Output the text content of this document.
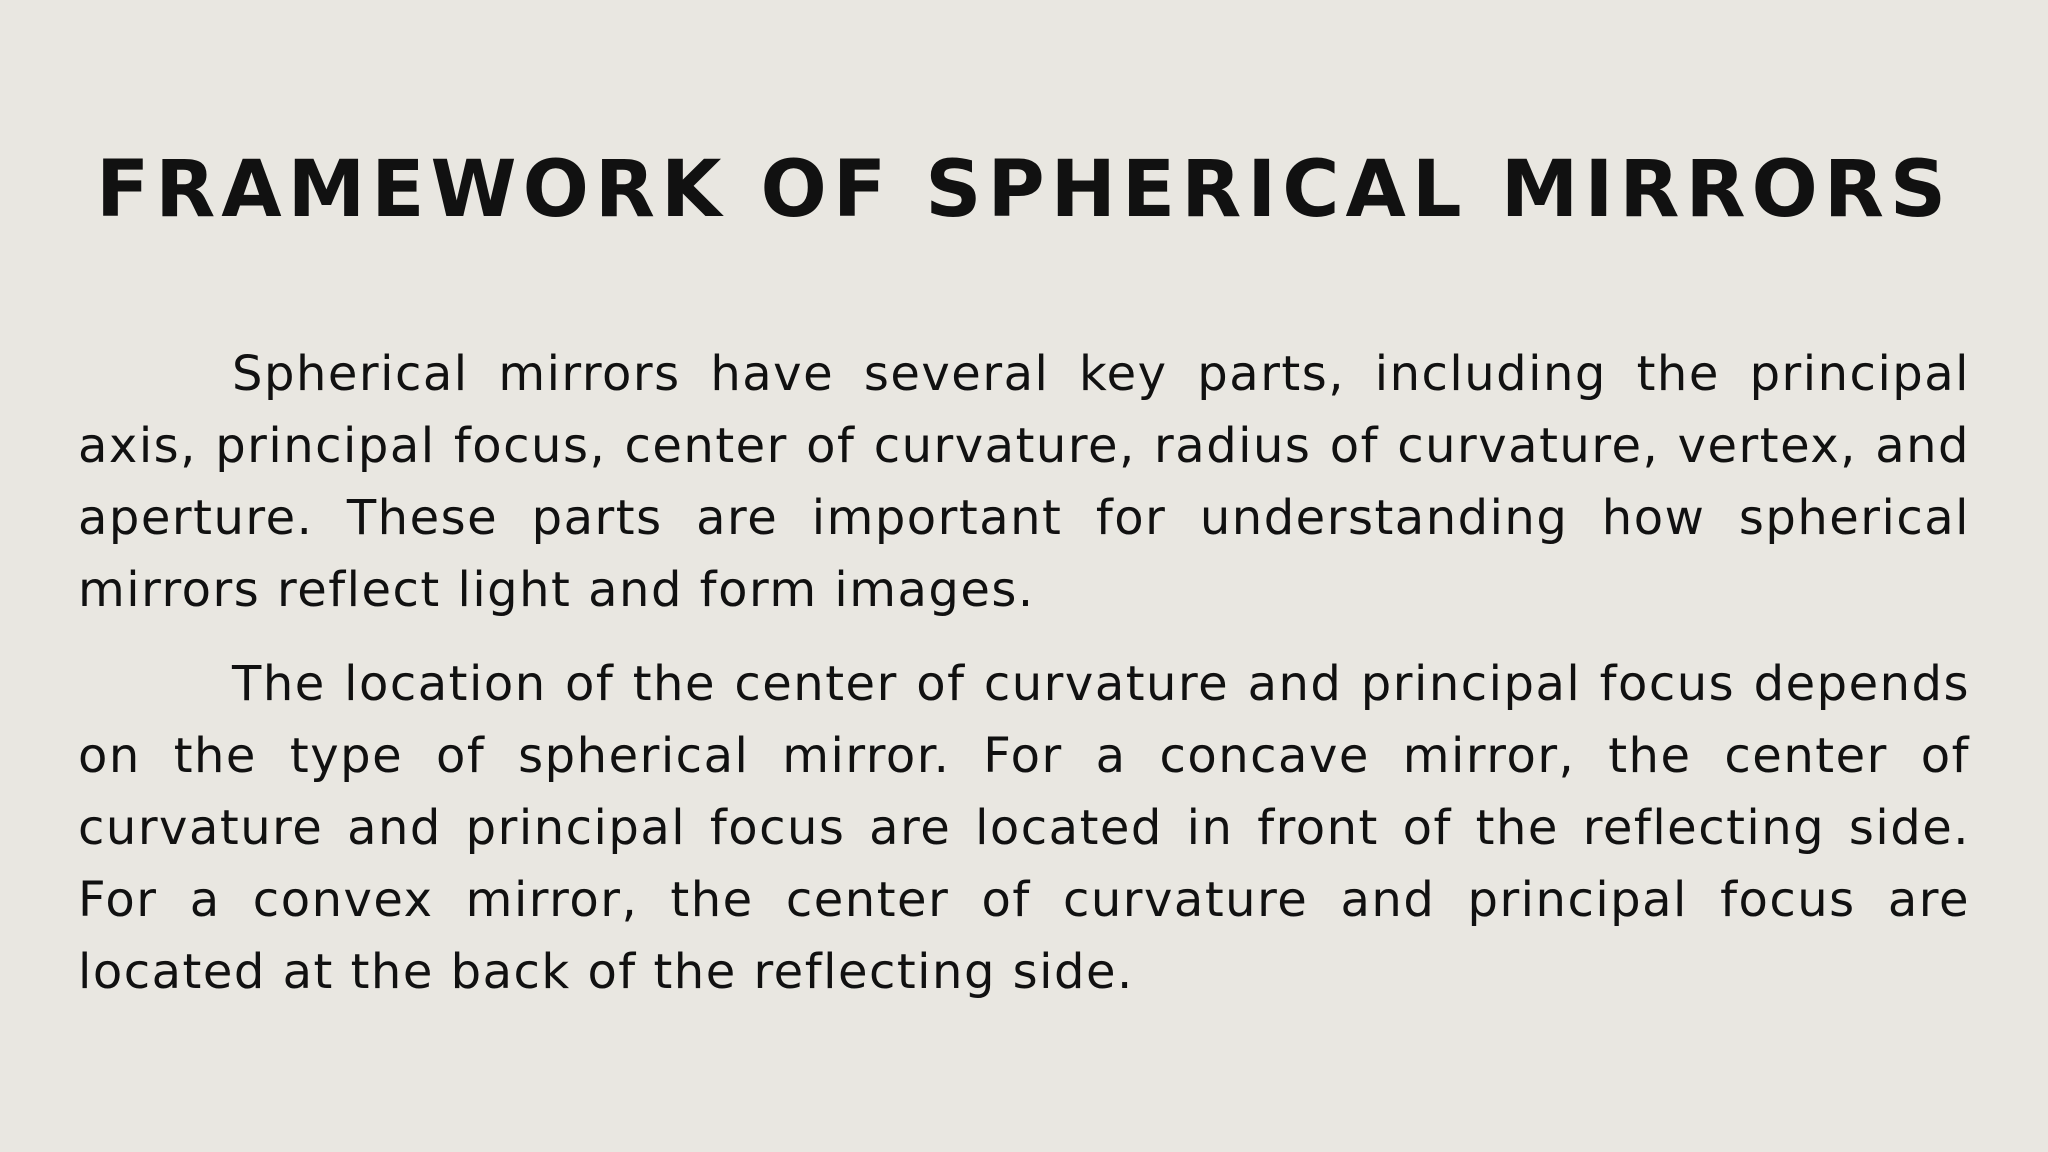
FRAMEWORK OF SPHERICAL MIRRORS

Spherical mirrors have several key parts, including the principal axis, principal focus, center of curvature, radius of curvature, vertex, and aperture. These parts are important for understanding how spherical mirrors reflect light and form images.

The location of the center of curvature and principal focus depends on the type of spherical mirror. For a concave mirror, the center of curvature and principal focus are located in front of the reflecting side. For a convex mirror, the center of curvature and principal focus are located at the back of the reflecting side.
